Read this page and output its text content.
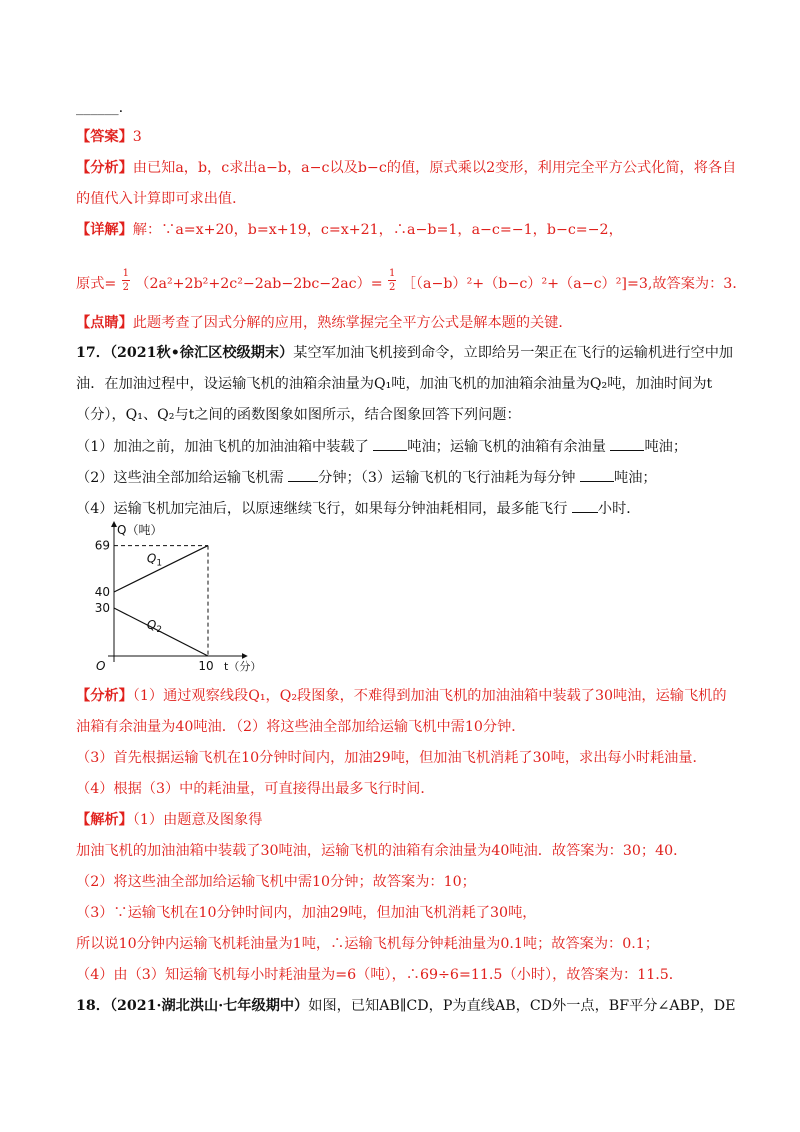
______.
【答案】3
【分析】由已知a，b，c求出a−b，a−c以及b−c的值，原式乘以2变形，利用完全平方公式化简，将各自
的值代入计算即可求出值．
【详解】解：∵a=x+20，b=x+19，c=x+21，∴a−b=1，a−c=−1，b−c=−2，
原式= $\frac{1}{2} (2a^2+2b^2+2c^2-2ab-2bc-2ac)= \frac{1}{2}$ ［（a−b）²+（b−c）²+（a−c）²]=3,故答案为：3．
【点睛】此题考查了因式分解的应用，熟练掌握完全平方公式是解本题的关键．
17．（2021秋•徐汇区校级期末）某空军加油飞机接到命令，立即给另一架正在飞行的运输机进行空中加
油．在加油过程中，设运输飞机的油箱余油量为Q₁吨，加油飞机的加油箱余油量为Q₂吨，加油时间为t
（分），Q₁、Q₂与t之间的函数图象如图所示，结合图象回答下列问题：
（1）加油之前，加油飞机的加油油箱中装载了	吨油；运输飞机的油箱有余油量	吨油；
（2）这些油全部加给运输飞机需 分钟；（3）运输飞机的飞行油耗为每分钟	吨油；
（4）运输飞机加完油后，以原速继续飞行，如果每分钟油耗相同，最多能飞行 小时．
Q（吨）
t（分）
O
69
40
30
10
$Q_1$
$Q_2$
【分析】（1）通过观察线段Q₁，Q₂段图象，不难得到加油飞机的加油油箱中装载了30吨油，运输飞机的
油箱有余油量为40吨油．（2）将这些油全部加给运输飞机中需10分钟．
（3）首先根据运输飞机在10分钟时间内，加油29吨，但加油飞机消耗了30吨，求出每小时耗油量．
（4）根据（3）中的耗油量，可直接得出最多飞行时间．
【解析】（1）由题意及图象得
加油飞机的加油油箱中装载了30吨油，运输飞机的油箱有余油量为40吨油．故答案为：30；40．
（2）将这些油全部加给运输飞机中需10分钟；故答案为：10；
（3）∵运输飞机在10分钟时间内，加油29吨，但加油飞机消耗了30吨，
所以说10分钟内运输飞机耗油量为1吨，∴运输飞机每分钟耗油量为0.1吨；故答案为：0.1；
（4）由（3）知运输飞机每小时耗油量为=6（吨），∴69÷6=11.5（小时），故答案为：11.5．
18．（2021·湖北洪山·七年级期中）如图，已知AB∥CD，P为直线AB，CD外一点，BF平分∠ABP，DE
